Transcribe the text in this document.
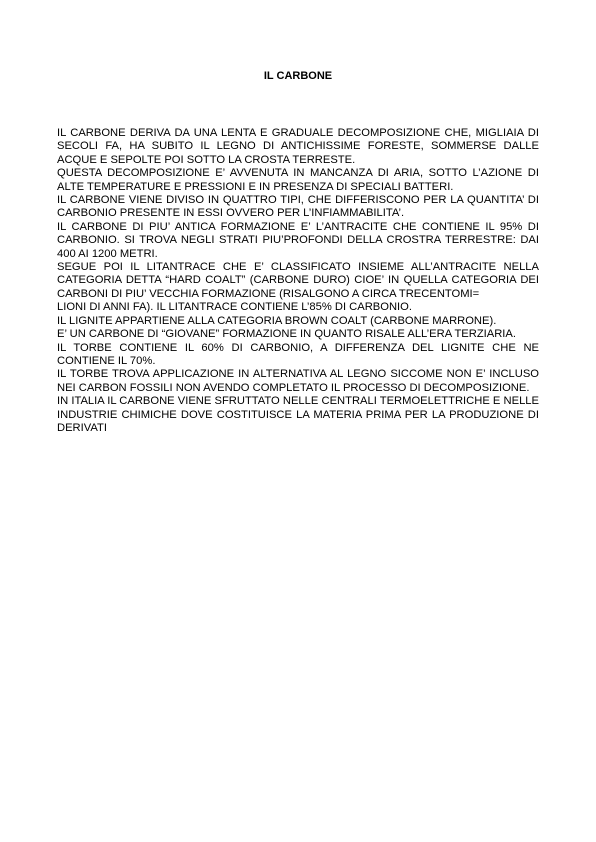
IL CARBONE

IL CARBONE DERIVA DA UNA LENTA E GRADUALE DECOMPOSIZIONE CHE, MIGLIAIA DI SECOLI FA, HA SUBITO IL LEGNO DI ANTICHISSIME FORESTE, SOMMERSE DALLE ACQUE E SEPOLTE POI SOTTO LA CROSTA TERRESTE.

QUESTA DECOMPOSIZIONE E’ AVVENUTA IN MANCANZA DI ARIA, SOTTO L’AZIONE DI ALTE TEMPERATURE E PRESSIONI E IN PRESENZA DI SPECIALI BATTERI.

IL CARBONE VIENE DIVISO IN QUATTRO TIPI, CHE DIFFERISCONO PER LA QUANTITA’ DI CARBONIO PRESENTE IN ESSI OVVERO PER L’INFIAMMABILITA’.

IL CARBONE DI PIU’ ANTICA FORMAZIONE E’ L’ANTRACITE CHE CONTIENE IL 95% DI CARBONIO. SI TROVA NEGLI STRATI PIU’PROFONDI DELLA CROSTRA TERRESTRE: DAI 400 AI 1200 METRI.

SEGUE POI IL LITANTRACE CHE E’ CLASSIFICATO INSIEME ALL’ANTRACITE NELLA CATEGORIA DETTA “HARD COALT” (CARBONE DURO) CIOE’ IN QUELLA CATEGORIA DEI CARBONI DI PIU’ VECCHIA FORMAZIONE (RISALGONO A CIRCA TRECENTOMI=

LIONI DI ANNI FA). IL LITANTRACE CONTIENE L’85% DI CARBONIO.

IL LIGNITE APPARTIENE ALLA CATEGORIA BROWN COALT (CARBONE MARRONE).

E’ UN CARBONE DI “GIOVANE” FORMAZIONE IN QUANTO RISALE ALL’ERA TERZIARIA.

IL TORBE CONTIENE IL 60% DI CARBONIO, A DIFFERENZA DEL LIGNITE CHE NE CONTIENE IL 70%.

IL TORBE TROVA APPLICAZIONE IN ALTERNATIVA AL LEGNO SICCOME NON E’ INCLUSO NEI CARBON FOSSILI NON AVENDO COMPLETATO IL PROCESSO DI DECOMPOSIZIONE.

IN ITALIA IL CARBONE VIENE SFRUTTATO NELLE CENTRALI TERMOELETTRICHE E NELLE INDUSTRIE CHIMICHE DOVE COSTITUISCE LA MATERIA PRIMA PER LA PRODUZIONE DI DERIVATI
